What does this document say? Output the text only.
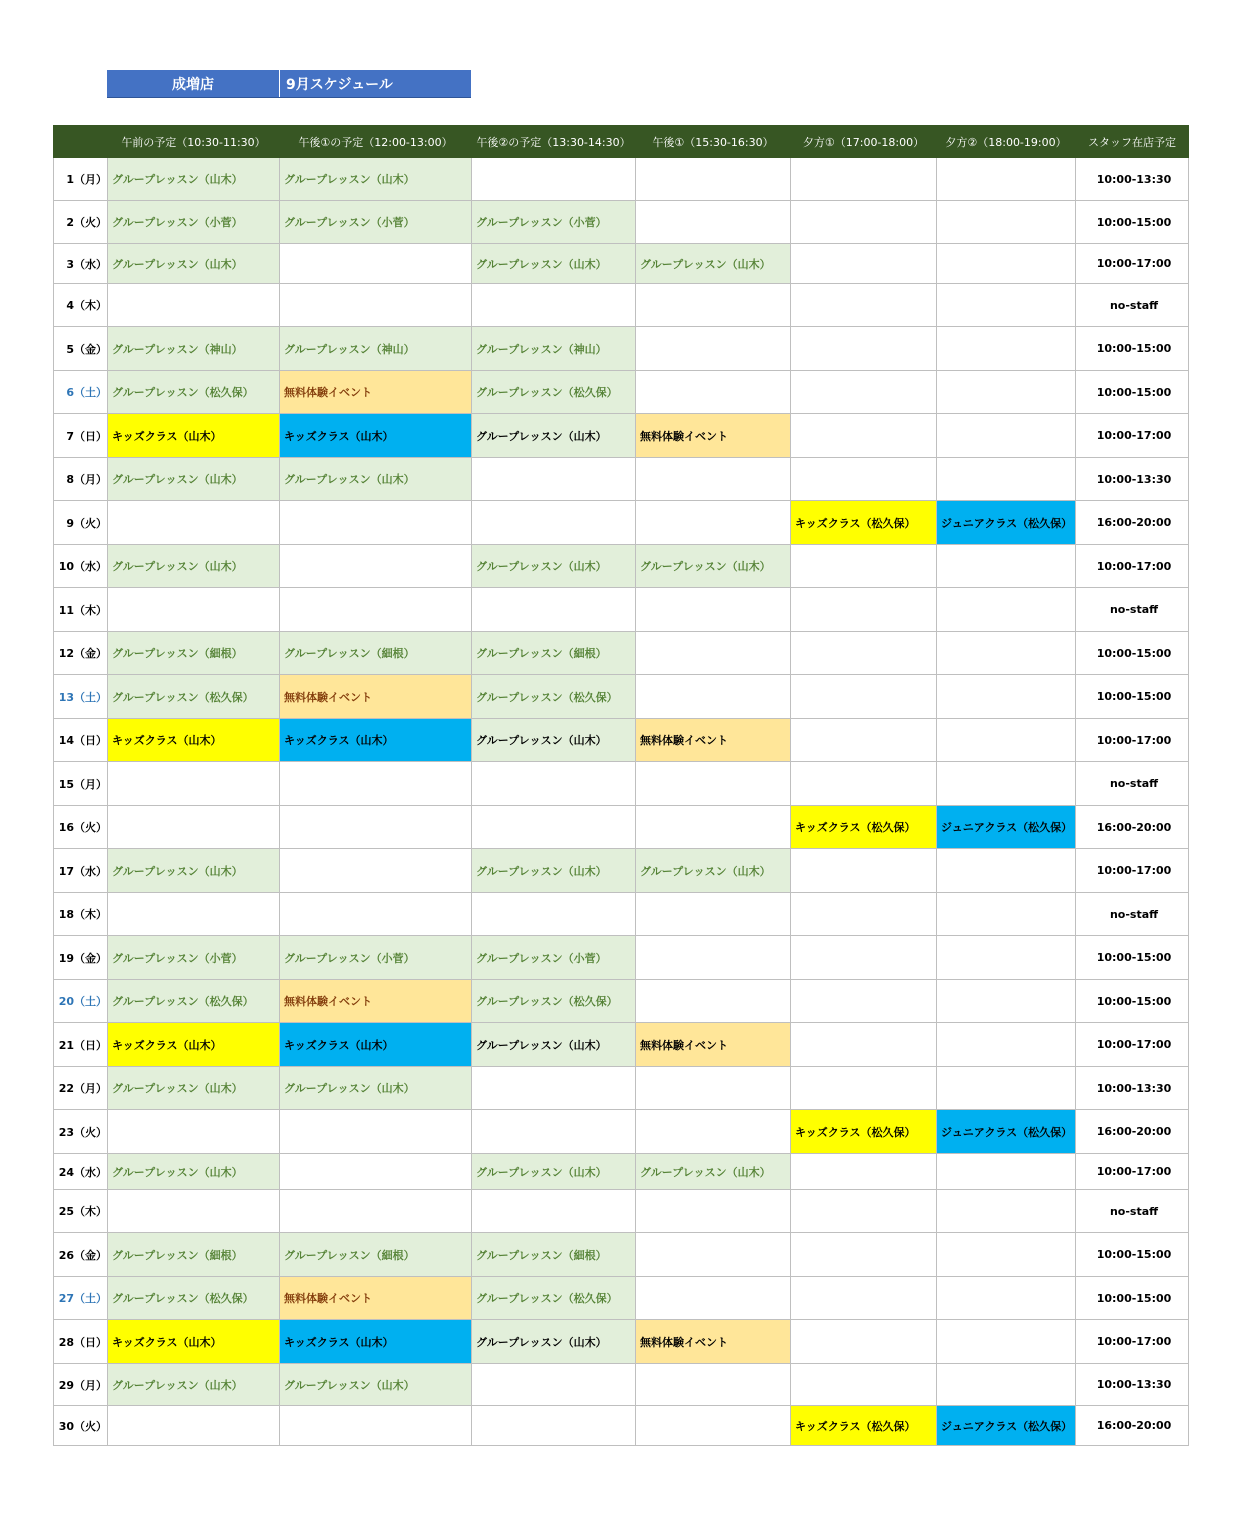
成増店	9月スケジュール
	午前の予定（10:30-11:30）	午後①の予定（12:00-13:00）	午後②の予定（13:30-14:30）	午後①（15:30-16:30）	夕方①（17:00-18:00）	夕方②（18:00-19:00）	スタッフ在店予定
1（月）	グループレッスン（山木）	グループレッスン（山木）					10:00-13:30
2（火）	グループレッスン（小菅）	グループレッスン（小菅）	グループレッスン（小菅）				10:00-15:00
3（水）	グループレッスン（山木）		グループレッスン（山木）	グループレッスン（山木）			10:00-17:00
4（木）							no-staff
5（金）	グループレッスン（神山）	グループレッスン（神山）	グループレッスン（神山）				10:00-15:00
6（土）	グループレッスン（松久保）	無料体験イベント	グループレッスン（松久保）				10:00-15:00
7（日）	キッズクラス（山木）	キッズクラス（山木）	グループレッスン（山木）	無料体験イベント			10:00-17:00
8（月）	グループレッスン（山木）	グループレッスン（山木）					10:00-13:30
9（火）					キッズクラス（松久保）	ジュニアクラス（松久保）	16:00-20:00
10（水）	グループレッスン（山木）		グループレッスン（山木）	グループレッスン（山木）			10:00-17:00
11（木）							no-staff
12（金）	グループレッスン（細根）	グループレッスン（細根）	グループレッスン（細根）				10:00-15:00
13（土）	グループレッスン（松久保）	無料体験イベント	グループレッスン（松久保）				10:00-15:00
14（日）	キッズクラス（山木）	キッズクラス（山木）	グループレッスン（山木）	無料体験イベント			10:00-17:00
15（月）							no-staff
16（火）					キッズクラス（松久保）	ジュニアクラス（松久保）	16:00-20:00
17（水）	グループレッスン（山木）		グループレッスン（山木）	グループレッスン（山木）			10:00-17:00
18（木）							no-staff
19（金）	グループレッスン（小菅）	グループレッスン（小菅）	グループレッスン（小菅）				10:00-15:00
20（土）	グループレッスン（松久保）	無料体験イベント	グループレッスン（松久保）				10:00-15:00
21（日）	キッズクラス（山木）	キッズクラス（山木）	グループレッスン（山木）	無料体験イベント			10:00-17:00
22（月）	グループレッスン（山木）	グループレッスン（山木）					10:00-13:30
23（火）					キッズクラス（松久保）	ジュニアクラス（松久保）	16:00-20:00
24（水）	グループレッスン（山木）		グループレッスン（山木）	グループレッスン（山木）			10:00-17:00
25（木）							no-staff
26（金）	グループレッスン（細根）	グループレッスン（細根）	グループレッスン（細根）				10:00-15:00
27（土）	グループレッスン（松久保）	無料体験イベント	グループレッスン（松久保）				10:00-15:00
28（日）	キッズクラス（山木）	キッズクラス（山木）	グループレッスン（山木）	無料体験イベント			10:00-17:00
29（月）	グループレッスン（山木）	グループレッスン（山木）					10:00-13:30
30（火）					キッズクラス（松久保）	ジュニアクラス（松久保）	16:00-20:00
